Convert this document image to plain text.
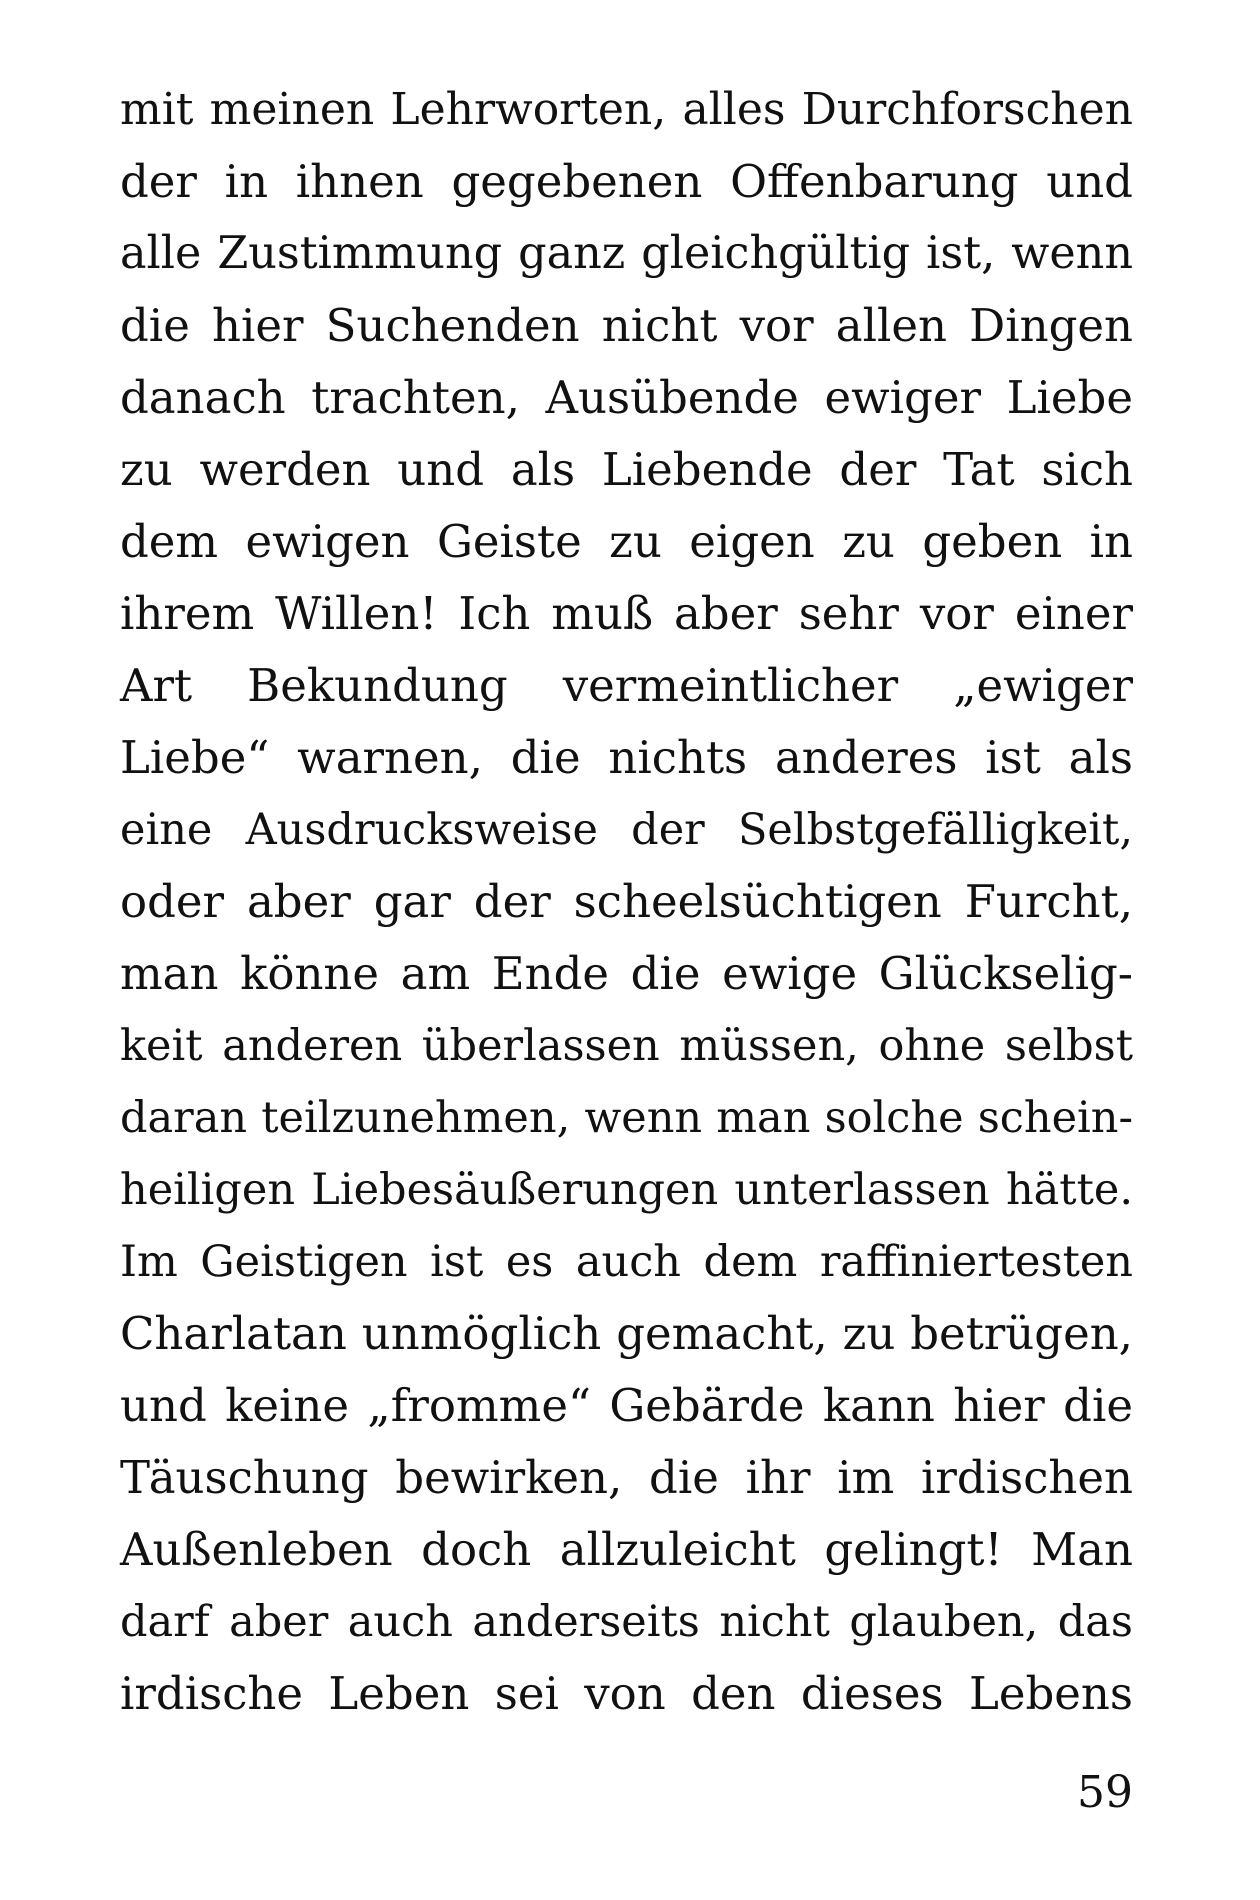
mit meinen Lehrworten, alles Durchforschen
der in ihnen gegebenen Offenbarung und
alle Zustimmung ganz gleichgültig ist, wenn
die hier Suchenden nicht vor allen Dingen
danach trachten, Ausübende ewiger Liebe
zu werden und als Liebende der Tat sich
dem ewigen Geiste zu eigen zu geben in
ihrem Willen! Ich muß aber sehr vor einer
Art Bekundung vermeintlicher „ewiger
Liebe“ warnen, die nichts anderes ist als
eine Ausdrucksweise der Selbstgefälligkeit,
oder aber gar der scheelsüchtigen Furcht,
man könne am Ende die ewige Glückselig-
keit anderen überlassen müssen, ohne selbst
daran teilzunehmen, wenn man solche schein-
heiligen Liebesäußerungen unterlassen hätte.
Im Geistigen ist es auch dem raffiniertesten
Charlatan unmöglich gemacht, zu betrügen,
und keine „fromme“ Gebärde kann hier die
Täuschung bewirken, die ihr im irdischen
Außenleben doch allzuleicht gelingt! Man
darf aber auch anderseits nicht glauben, das
irdische Leben sei von den dieses Lebens
59
